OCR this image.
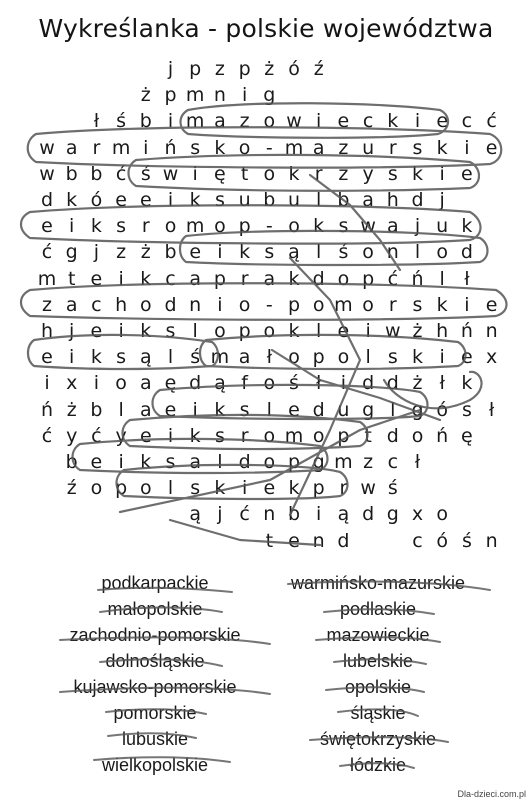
Wykreślanka - polskie województwa
j p z p ż ó ź
ż p m n i g
ł ś b i m a z o w i e c k i e c ć
w a r m i ń s k o - m a z u r s k i e
w b b ć ś w i ę t o k r z y s k i e
d k ó e e i k s u b u l b a h d j
e i k s r o m o p - o k s w a j u k
ć g j z ż b e i k s ą l ś o n l o d
m t e i k c a p r a k d o p ć ń l	ł
z a c h o d n i o - p o m o r s k i e
h j e i k s l o p o k l e i w ż h ń n
e i k s ą l ś m a ł o p o l s k i e x
i x i o a ę d ą f o ś ł	i d d ż ł k
ń ż b l a e i k s l e d u g l g ó s ł
ć y ć y e i k s r o m o p t d o ń ę
b e i k s a l d o p g m z c ł
ź o p o l s k i e k p r w ś
ą j ć n b i ą d g x o
t e n d	c ó ś n
podkarpackie
małopolskie
zachodnio-pomorskie
dolnośląskie
kujawsko-pomorskie
pomorskie
lubuskie
wielkopolskie
warmińsko-mazurskie
podlaskie
mazowieckie
lubelskie
opolskie
śląskie
świętokrzyskie
łódzkie
Dla-dzieci.com.pl
